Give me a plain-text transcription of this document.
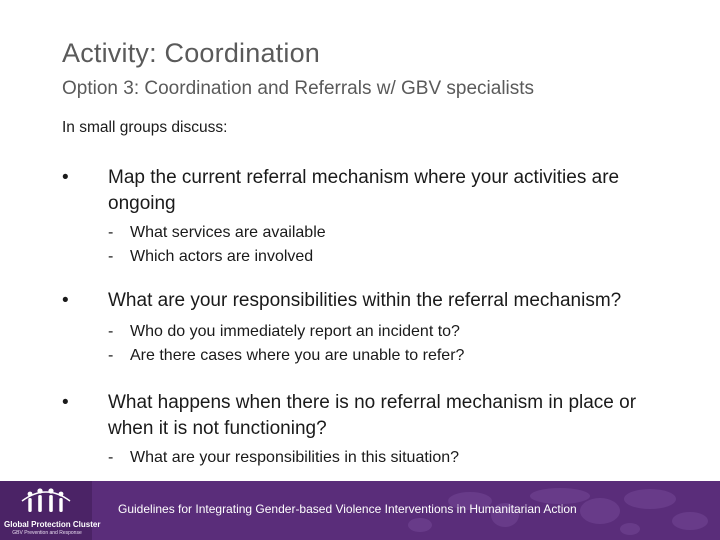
Activity: Coordination
Option 3: Coordination and Referrals w/ GBV specialists
In small groups discuss:
• Map the current referral mechanism where your activities are
ongoing
- What services are available
- Which actors are involved
• What are your responsibilities within the referral mechanism?
- Who do you immediately report an incident to?
- Are there cases where you are unable to refer?
• What happens when there is no referral mechanism in place or
when it is not functioning?
- What are your responsibilities in this situation?
Global Protection Cluster
GBV Prevention and Response
Guidelines for Integrating Gender-based Violence Interventions in Humanitarian Action
